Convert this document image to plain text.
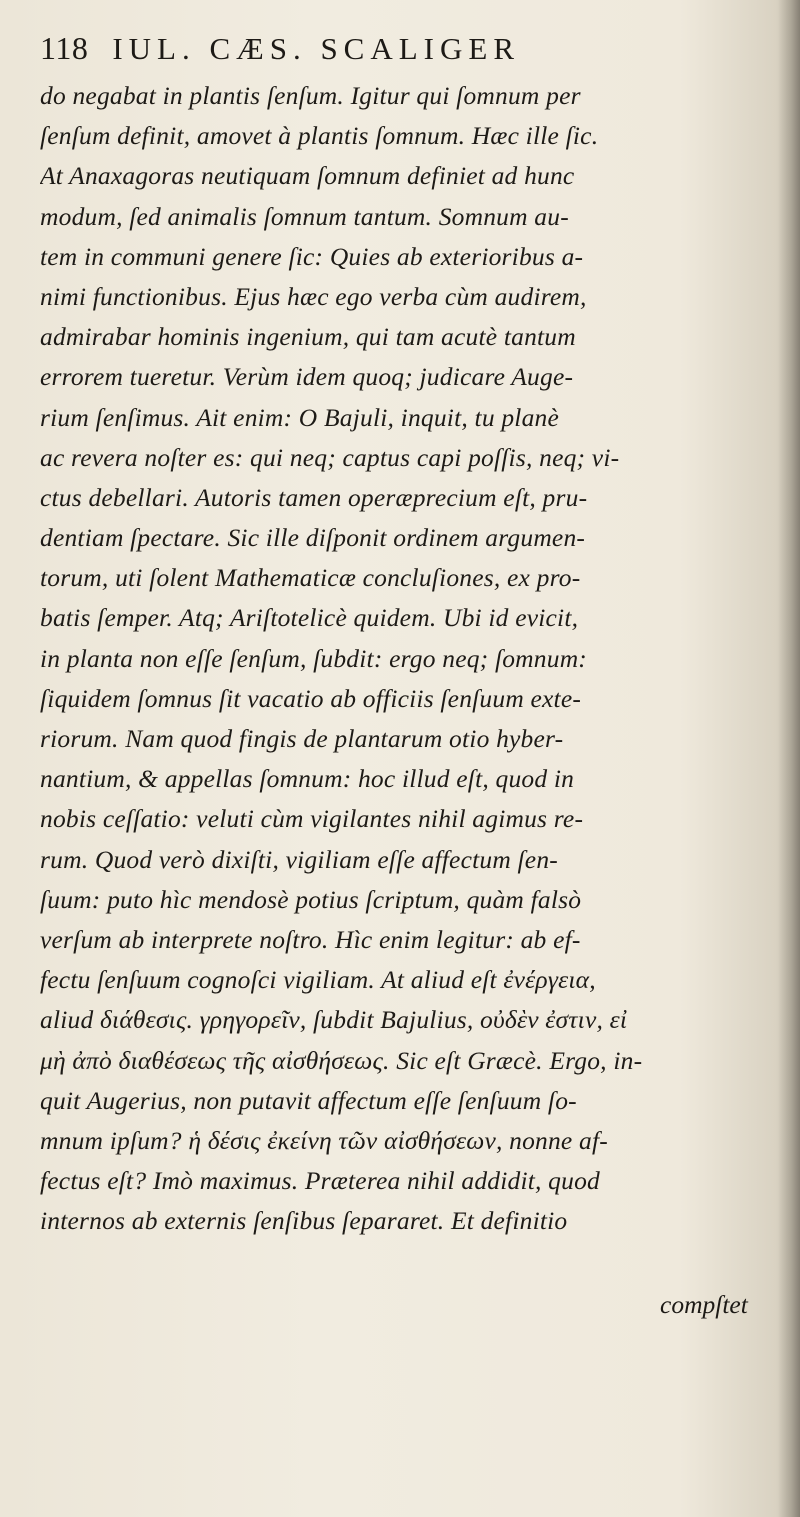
118 IUL. CÆS. SCALIGER
do negabat in plantis ſenſum. Igitur qui ſomnum per
ſenſum definit, amovet à plantis ſomnum. Hæc ille ſic.
At Anaxagoras neutiquam ſomnum definiet ad hunc
modum, ſed animalis ſomnum tantum. Somnum au-
tem in communi genere ſic: Quies ab exterioribus a-
nimi functionibus. Ejus hæc ego verba cùm audirem,
admirabar hominis ingenium, qui tam acutè tantum
errorem tueretur. Verùm idem quoq; judicare Auge-
rium ſenſimus. Ait enim: O Bajuli, inquit, tu planè
ac revera noſter es: qui neq; captus capi poſſis, neq; vi-
ctus debellari. Autoris tamen operæprecium eſt, pru-
dentiam ſpectare. Sic ille diſponit ordinem argumen-
torum, uti ſolent Mathematicæ concluſiones, ex pro-
batis ſemper. Atq; Ariſtotelicè quidem. Ubi id evicit,
in planta non eſſe ſenſum, ſubdit: ergo neq; ſomnum:
ſiquidem ſomnus ſit vacatio ab officiis ſenſuum exte-
riorum. Nam quod fingis de plantarum otio hyber-
nantium, & appellas ſomnum: hoc illud eſt, quod in
nobis ceſſatio: veluti cùm vigilantes nihil agimus re-
rum. Quod verò dixiſti, vigiliam eſſe affectum ſen-
ſuum: puto hìc mendosè potius ſcriptum, quàm falsò
verſum ab interprete noſtro. Hìc enim legitur: ab ef-
fectu ſenſuum cognoſci vigiliam. At aliud eſt ἐνέργεια,
aliud διάθεσις. γρηγορεῖν, ſubdit Bajulius, οὐδὲν ἐστιν, εἰ
μὴ ἀπὸ διαθέσεως τῆς αἰσθήσεως. Sic eſt Græcè. Ergo, in-
quit Augerius, non putavit affectum eſſe ſenſuum ſo-
mnum ipſum? ἡ δέσις ἐκείνη τῶν αἰσθήσεων, nonne af-
fectus eſt? Imò maximus. Præterea nihil addidit, quod
internos ab externis ſenſibus ſepararet. Et definitio
compſtet
